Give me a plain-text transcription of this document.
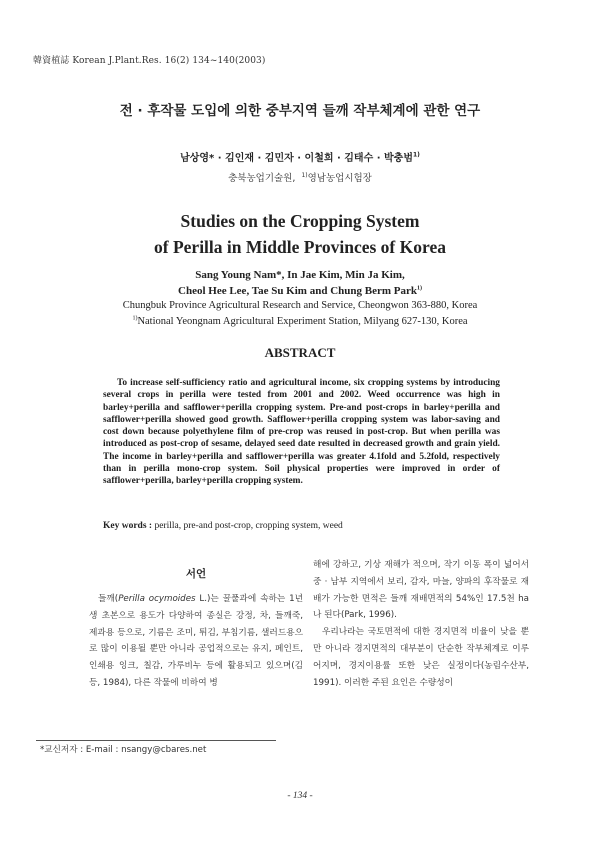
韓資植誌 Korean J.Plant.Res. 16(2) 134~140(2003)
전 · 후작물 도입에 의한 중부지역 들깨 작부체계에 관한 연구
남상영* · 김인재 · 김민자 · 이철희 · 김태수 · 박충범$^{1)}$
충북농업기술원, $^{1)}$영남농업시험장
Studies on the Cropping System
of Perilla in Middle Provinces of Korea
Sang Young Nam*, In Jae Kim, Min Ja Kim,
Cheol Hee Lee, Tae Su Kim and Chung Berm Park$^{1)}$
Chungbuk Province Agricultural Research and Service, Cheongwon 363-880, Korea
$^{1)}$National Yeongnam Agricultural Experiment Station, Milyang 627-130, Korea
ABSTRACT
To increase self-sufficiency ratio and agricultural income, six cropping systems by introducing several crops in perilla were tested from 2001 and 2002. Weed occurrence was high in barley+perilla and safflower+perilla cropping system. Pre-and post-crops in barley+perilla and safflower+perilla showed good growth. Safflower+perilla cropping system was labor-saving and cost down because polyethylene film of pre-crop was reused in post-crop. But when perilla was introduced as post-crop of sesame, delayed seed date resulted in decreased growth and grain yield. The income in barley+perilla and safflower+perilla was greater 4.1fold and 5.2fold, respectively than in perilla mono-crop system. Soil physical properties were improved in order of safflower+perilla, barley+perilla cropping system.
Key words : perilla, pre-and post-crop, cropping system, weed
서언
들깨(Perilla ocymoides L.)는 꿀풀과에 속하는 1년생 초본으로 용도가 다양하여 종실은 강정, 차, 들깨죽, 제과용 등으로, 기름은 조미, 튀김, 부침기름, 샐러드용으로 많이 이용될 뿐만 아니라 공업적으로는 유지, 페인트, 인쇄용 잉크, 칠감, 가루비누 등에 활용되고 있으며(김 등, 1984), 다른 작물에 비하여 병

해에 강하고, 기상 재해가 적으며, 작기 이동 폭이 넓어서 중 · 남부 지역에서 보리, 감자, 마늘, 양파의 후작물로 재배가 가능한 면적은 들깨 재배면적의 54%인 17.5천 ha나 된다(Park, 1996).

우리나라는 국토면적에 대한 경지면적 비율이 낮을 뿐만 아니라 경지면적의 대부분이 단순한 작부체계로 이루어지며, 경지이용률 또한 낮은 실정이다(농림수산부, 1991). 이러한 주된 요인은 수량성이

*교신저자 : E-mail : nsangy@cbares.net
- 134 -
